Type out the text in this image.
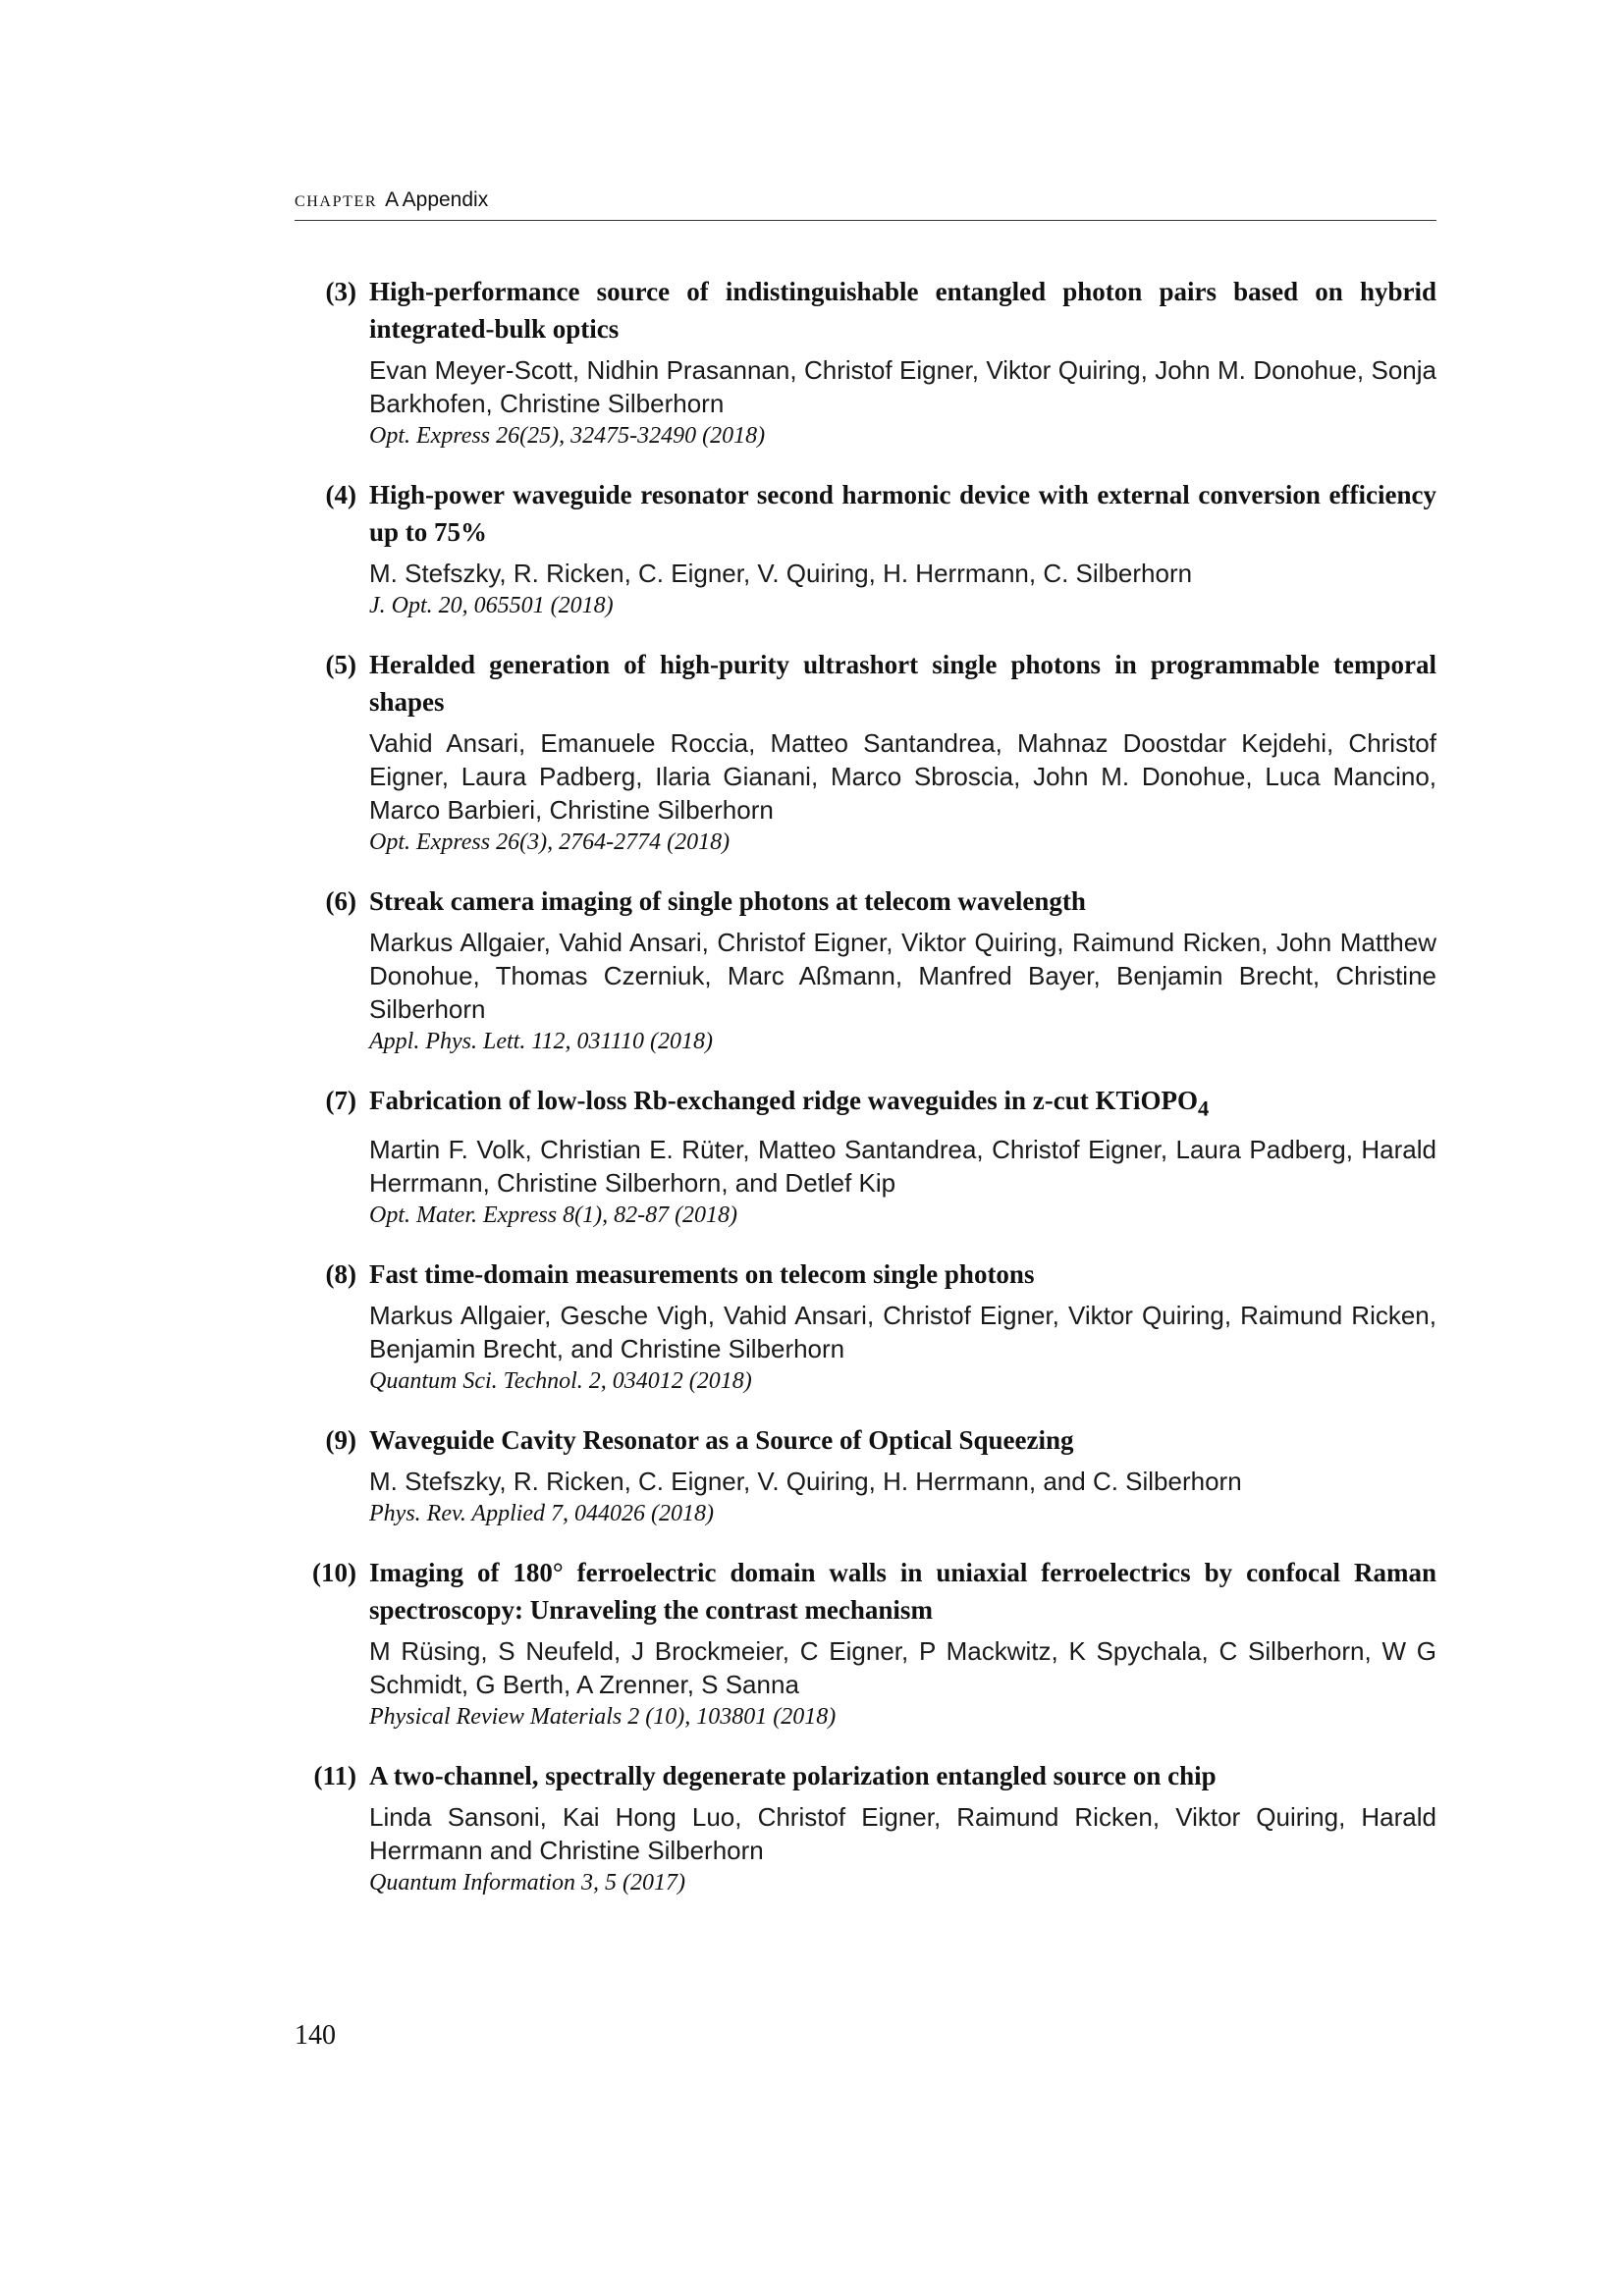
CHAPTER A Appendix
(3) High-performance source of indistinguishable entangled photon pairs based on hybrid integrated-bulk optics
Evan Meyer-Scott, Nidhin Prasannan, Christof Eigner, Viktor Quiring, John M. Donohue, Sonja Barkhofen, Christine Silberhorn
Opt. Express 26(25), 32475-32490 (2018)
(4) High-power waveguide resonator second harmonic device with external conversion efficiency up to 75%
M. Stefszky, R. Ricken, C. Eigner, V. Quiring, H. Herrmann, C. Silberhorn
J. Opt. 20, 065501 (2018)
(5) Heralded generation of high-purity ultrashort single photons in programmable temporal shapes
Vahid Ansari, Emanuele Roccia, Matteo Santandrea, Mahnaz Doostdar Kejdehi, Christof Eigner, Laura Padberg, Ilaria Gianani, Marco Sbroscia, John M. Donohue, Luca Mancino, Marco Barbieri, Christine Silberhorn
Opt. Express 26(3), 2764-2774 (2018)
(6) Streak camera imaging of single photons at telecom wavelength
Markus Allgaier, Vahid Ansari, Christof Eigner, Viktor Quiring, Raimund Ricken, John Matthew Donohue, Thomas Czerniuk, Marc Aßmann, Manfred Bayer, Benjamin Brecht, Christine Silberhorn
Appl. Phys. Lett. 112, 031110 (2018)
(7) Fabrication of low-loss Rb-exchanged ridge waveguides in z-cut KTiOPO$_4$
Martin F. Volk, Christian E. Rüter, Matteo Santandrea, Christof Eigner, Laura Padberg, Harald Herrmann, Christine Silberhorn, and Detlef Kip
Opt. Mater. Express 8(1), 82-87 (2018)
(8) Fast time-domain measurements on telecom single photons
Markus Allgaier, Gesche Vigh, Vahid Ansari, Christof Eigner, Viktor Quiring, Raimund Ricken, Benjamin Brecht, and Christine Silberhorn
Quantum Sci. Technol. 2, 034012 (2018)
(9) Waveguide Cavity Resonator as a Source of Optical Squeezing
M. Stefszky, R. Ricken, C. Eigner, V. Quiring, H. Herrmann, and C. Silberhorn
Phys. Rev. Applied 7, 044026 (2018)
(10) Imaging of 180° ferroelectric domain walls in uniaxial ferroelectrics by confocal Raman spectroscopy: Unraveling the contrast mechanism
M Rüsing, S Neufeld, J Brockmeier, C Eigner, P Mackwitz, K Spychala, C Silberhorn, W G Schmidt, G Berth, A Zrenner, S Sanna
Physical Review Materials 2 (10), 103801 (2018)
(11) A two-channel, spectrally degenerate polarization entangled source on chip
Linda Sansoni, Kai Hong Luo, Christof Eigner, Raimund Ricken, Viktor Quiring, Harald Herrmann and Christine Silberhorn
Quantum Information 3, 5 (2017)
140
